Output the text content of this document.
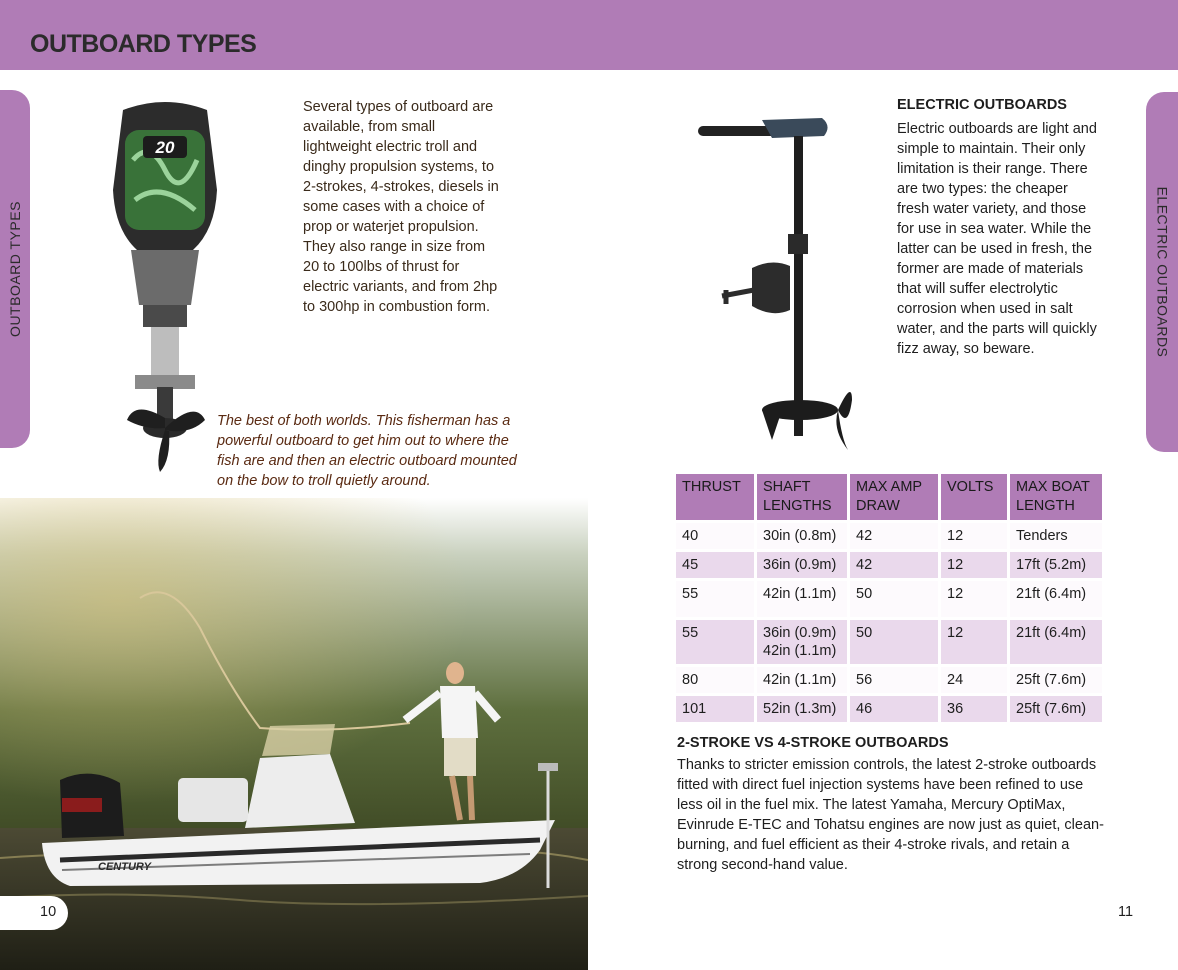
OUTBOARD TYPES
OUTBOARD TYPES	ELECTRIC OUTBOARDS
20
Several types of outboard are available, from small lightweight electric troll and dinghy propulsion systems, to 2-strokes, 4-strokes, diesels in some cases with a choice of prop or waterjet propulsion. They also range in size from 20 to 100lbs of thrust for electric variants, and from 2hp to 300hp in combustion form.
The best of both worlds. This fisherman has a powerful outboard to get him out to where the fish are and then an electric outboard mounted on the bow to troll quietly around.
CENTURY
ELECTRIC OUTBOARDS
Electric outboards are light and simple to maintain. Their only limitation is their range. There are two types: the cheaper fresh water variety, and those for use in sea water. While the latter can be used in fresh, the former are made of materials that will suffer electrolytic corrosion when used in salt water, and the parts will quickly fizz away, so beware.
THRUST	SHAFT LENGTHS	MAX AMP DRAW	VOLTS	MAX BOAT LENGTH
40	30in (0.8m)	42	12	Tenders
45	36in (0.9m)	42	12	17ft (5.2m)
55	42in (1.1m)	50	12	21ft (6.4m)
55	36in (0.9m) 42in (1.1m)	50	12	21ft (6.4m)
80	42in (1.1m)	56	24	25ft (7.6m)
101	52in (1.3m)	46	36	25ft (7.6m)
2-STROKE VS 4-STROKE OUTBOARDS
Thanks to stricter emission controls, the latest 2-stroke outboards fitted with direct fuel injection systems have been refined to use less oil in the fuel mix. The latest Yamaha, Mercury OptiMax, Evinrude E-TEC and Tohatsu engines are now just as quiet, clean-burning, and fuel efficient as their 4-stroke rivals, and retain a strong second-hand value.
10	11
